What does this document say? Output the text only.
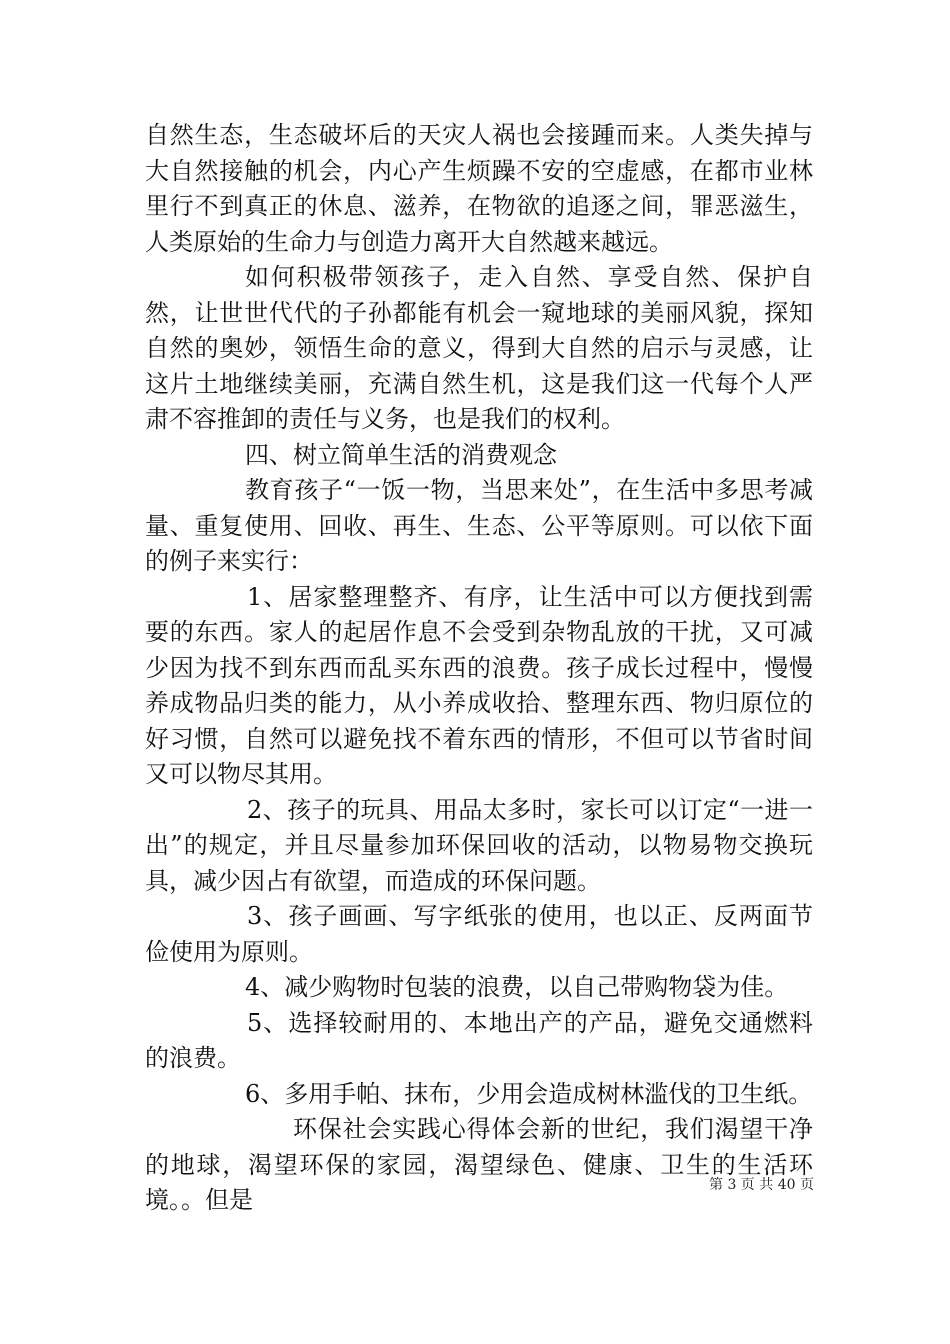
自然生态，生态破坏后的天灾人祸也会接踵而来。人类失掉与大自然接触的机会，内心产生烦躁不安的空虚感，在都市业林里行不到真正的休息、滋养，在物欲的追逐之间，罪恶滋生，人类原始的生命力与创造力离开大自然越来越远。

如何积极带领孩子，走入自然、享受自然、保护自然，让世世代代的子孙都能有机会一窥地球的美丽风貌，探知自然的奥妙，领悟生命的意义，得到大自然的启示与灵感，让这片土地继续美丽，充满自然生机，这是我们这一代每个人严肃不容推卸的责任与义务，也是我们的权利。

四、树立简单生活的消费观念

教育孩子“一饭一物，当思来处”，在生活中多思考减量、重复使用、回收、再生、生态、公平等原则。可以依下面的例子来实行：

1、居家整理整齐、有序，让生活中可以方便找到需要的东西。家人的起居作息不会受到杂物乱放的干扰，又可减少因为找不到东西而乱买东西的浪费。孩子成长过程中，慢慢养成物品归类的能力，从小养成收拾、整理东西、物归原位的好习惯，自然可以避免找不着东西的情形，不但可以节省时间又可以物尽其用。

2、孩子的玩具、用品太多时，家长可以订定“一进一出”的规定，并且尽量参加环保回收的活动，以物易物交换玩具，减少因占有欲望，而造成的环保问题。

3、孩子画画、写字纸张的使用，也以正、反两面节俭使用为原则。

4、减少购物时包装的浪费，以自己带购物袋为佳。

5、选择较耐用的、本地出产的产品，避免交通燃料的浪费。

6、多用手帕、抹布，少用会造成树林滥伐的卫生纸。

环保社会实践心得体会新的世纪，我们渴望干净的地球，渴望环保的家园，渴望绿色、健康、卫生的生活环境。。但是

第 3 页 共 40 页
